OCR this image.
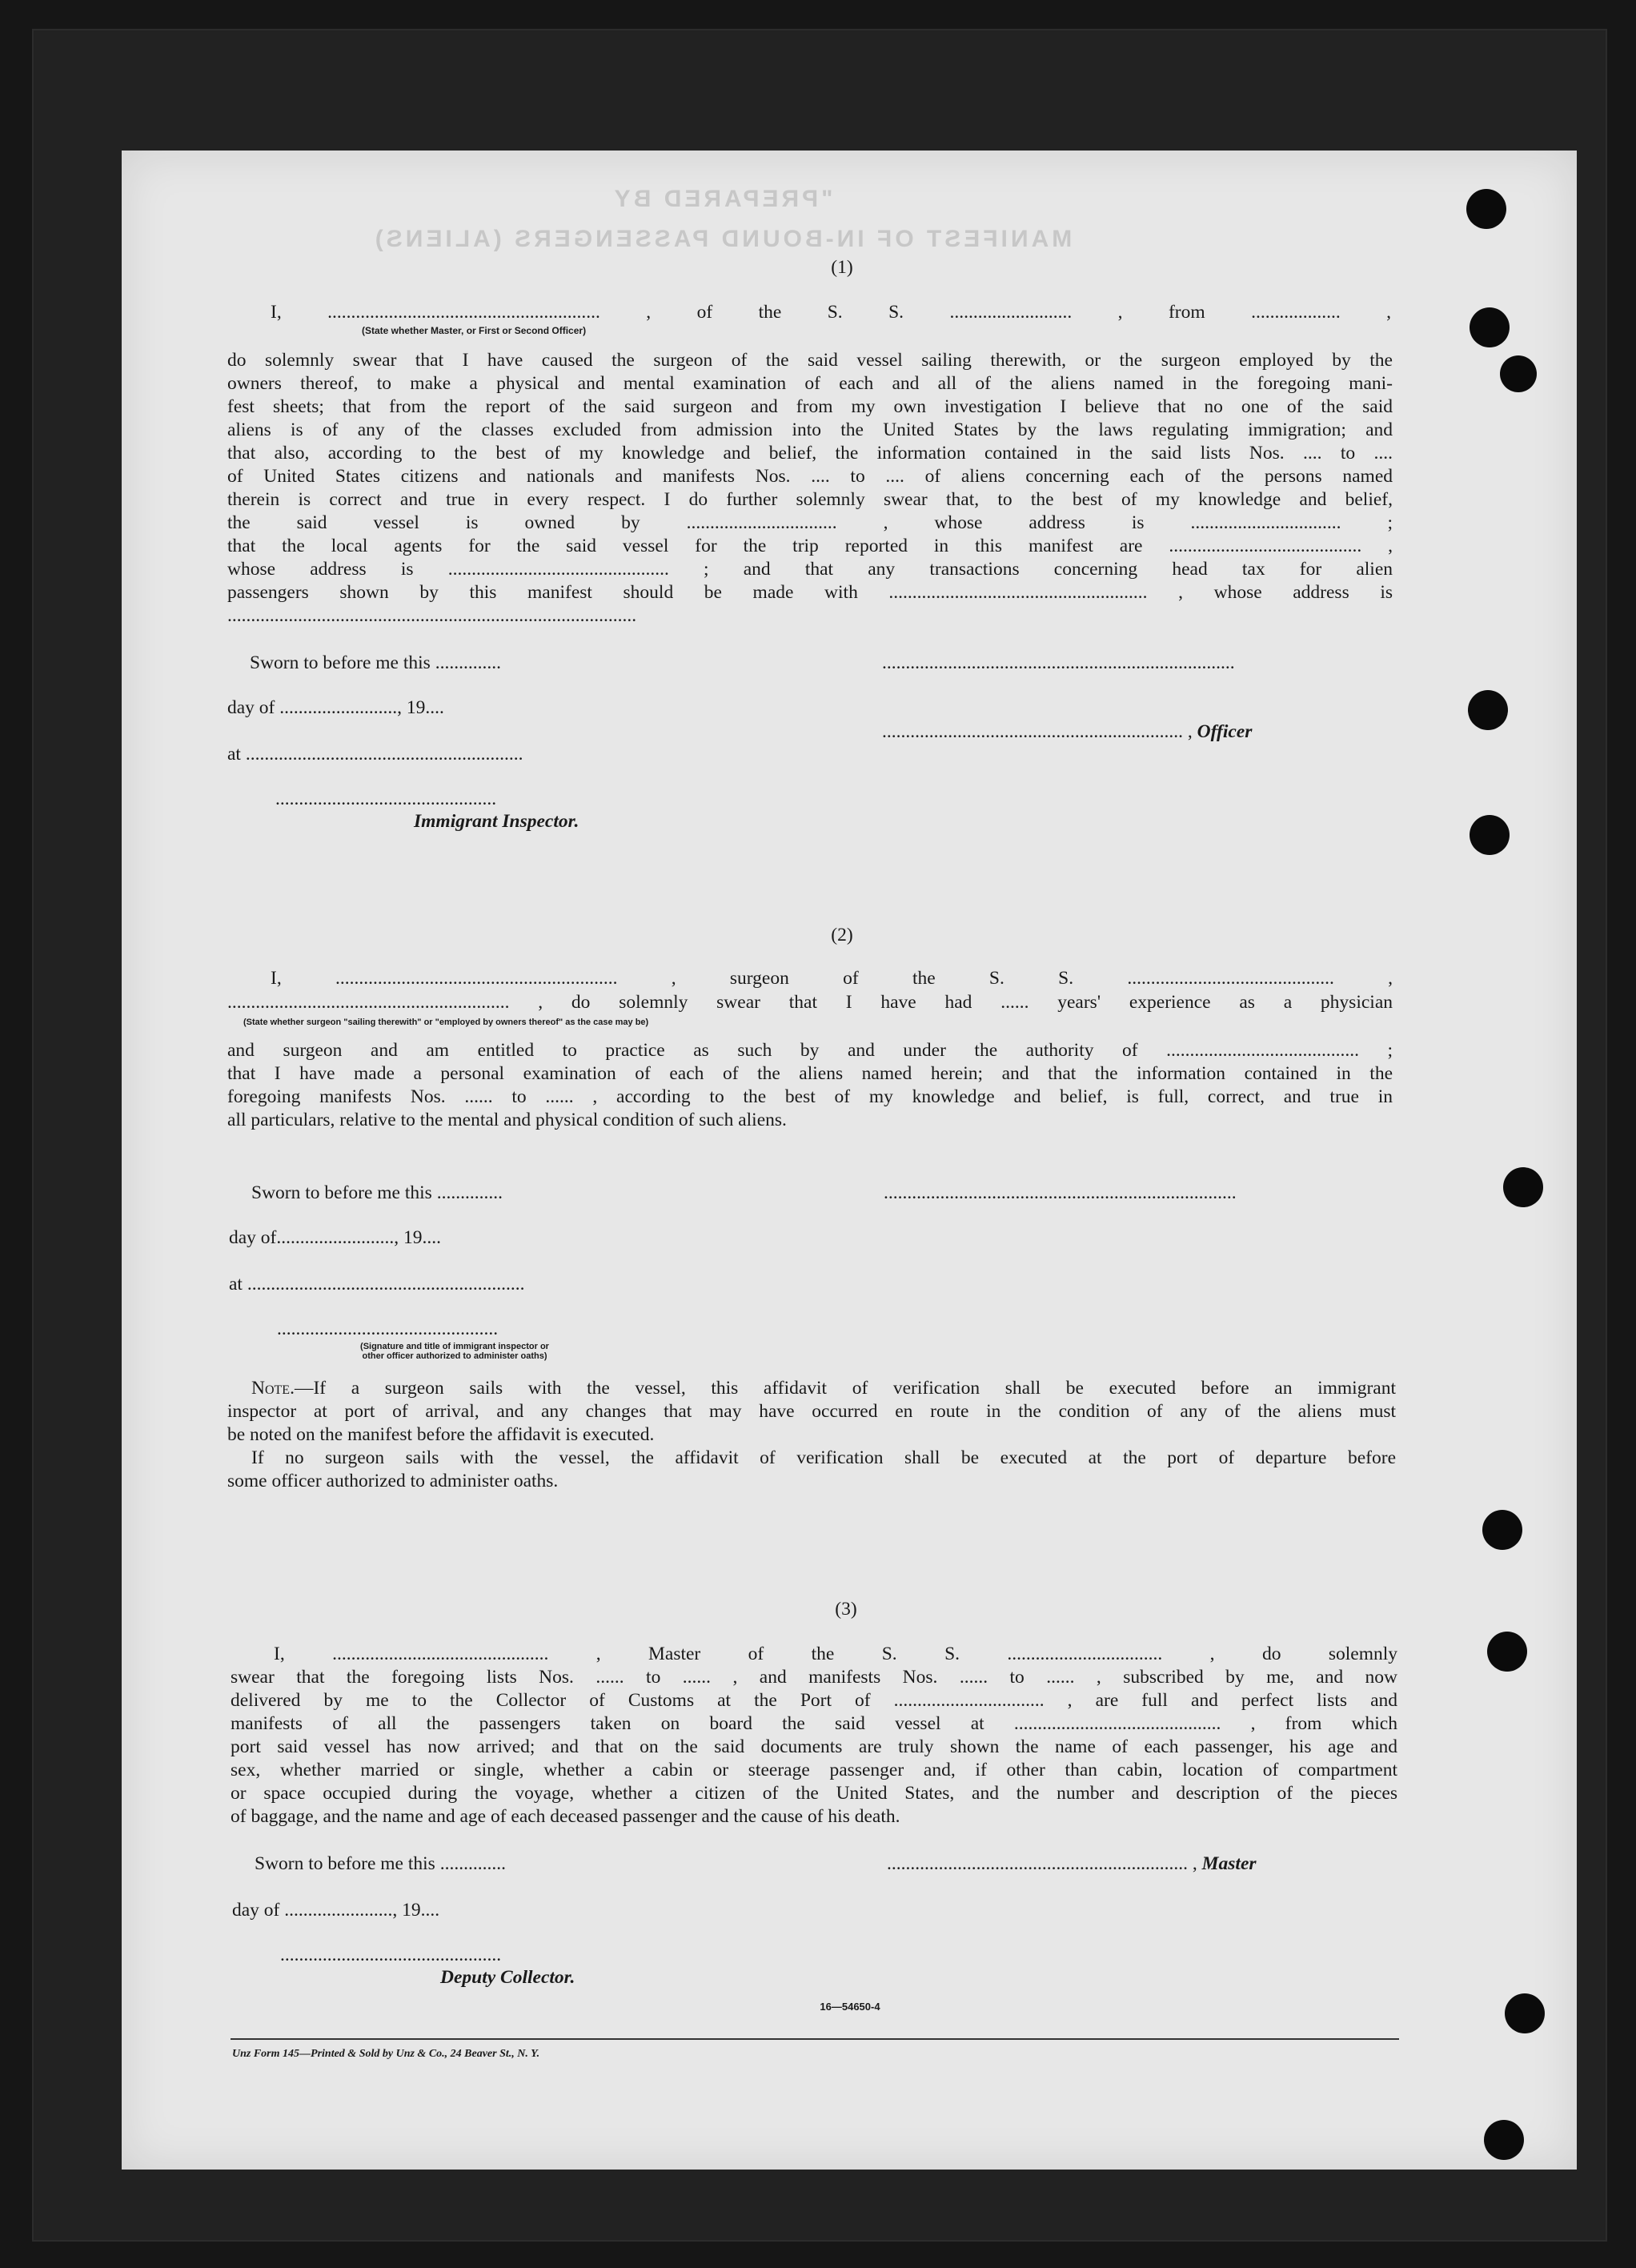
"PREPARED BY
MANIFEST OF IN-BOUND PASSENGERS (ALIENS)
(1)
I, .......................................................... , of the S. S. .......................... , from ................... ,
(State whether Master, or First or Second Officer)
do solemnly swear that I have caused the surgeon of the said vessel sailing therewith, or the surgeon employed by the
owners thereof, to make a physical and mental examination of each and all of the aliens named in the foregoing mani-
fest sheets; that from the report of the said surgeon and from my own investigation I believe that no one of the said
aliens is of any of the classes excluded from admission into the United States by the laws regulating immigration; and
that also, according to the best of my knowledge and belief, the information contained in the said lists Nos. .... to ....
of United States citizens and nationals and manifests Nos. .... to .... of aliens concerning each of the persons named
therein is correct and true in every respect. I do further solemnly swear that, to the best of my knowledge and belief,
the said vessel is owned by ................................ , whose address is ................................ ;
that the local agents for the said vessel for the trip reported in this manifest are ......................................... ,
whose address is ............................................... ; and that any transactions concerning head tax for alien
passengers shown by this manifest should be made with ....................................................... , whose address is
.......................................................................................
Sworn to before me this ..............	...........................................................................
day of ........................., 19....
................................................................ , Officer
at ...........................................................
...............................................
Immigrant Inspector.
(2)
I, ............................................................ , surgeon of the S. S. ............................................ ,
............................................................ , do solemnly swear that I have had ...... years' experience as a physician
(State whether surgeon "sailing therewith" or "employed by owners thereof" as the case may be)
and surgeon and am entitled to practice as such by and under the authority of ......................................... ;
that I have made a personal examination of each of the aliens named herein; and that the information contained in the
foregoing manifests Nos. ...... to ...... , according to the best of my knowledge and belief, is full, correct, and true in
all particulars, relative to the mental and physical condition of such aliens.
Sworn to before me this ..............	...........................................................................
day of........................., 19....
at ...........................................................
...............................................
(Signature and title of immigrant inspector or
other officer authorized to administer oaths)
Note.—If a surgeon sails with the vessel, this affidavit of verification shall be executed before an immigrant
inspector at port of arrival, and any changes that may have occurred en route in the condition of any of the aliens must
be noted on the manifest before the affidavit is executed.
If no surgeon sails with the vessel, the affidavit of verification shall be executed at the port of departure before
some officer authorized to administer oaths.
(3)
I, .............................................. , Master of the S. S. ................................. , do solemnly
swear that the foregoing lists Nos. ...... to ...... , and manifests Nos. ...... to ...... , subscribed by me, and now
delivered by me to the Collector of Customs at the Port of ................................ , are full and perfect lists and
manifests of all the passengers taken on board the said vessel at ............................................ , from which
port said vessel has now arrived; and that on the said documents are truly shown the name of each passenger, his age and
sex, whether married or single, whether a cabin or steerage passenger and, if other than cabin, location of compartment
or space occupied during the voyage, whether a citizen of the United States, and the number and description of the pieces
of baggage, and the name and age of each deceased passenger and the cause of his death.
Sworn to before me this ..............	................................................................ , Master
day of ......................., 19....
...............................................
Deputy Collector.
16—54650-4
Unz Form 145—Printed & Sold by Unz & Co., 24 Beaver St., N. Y.
